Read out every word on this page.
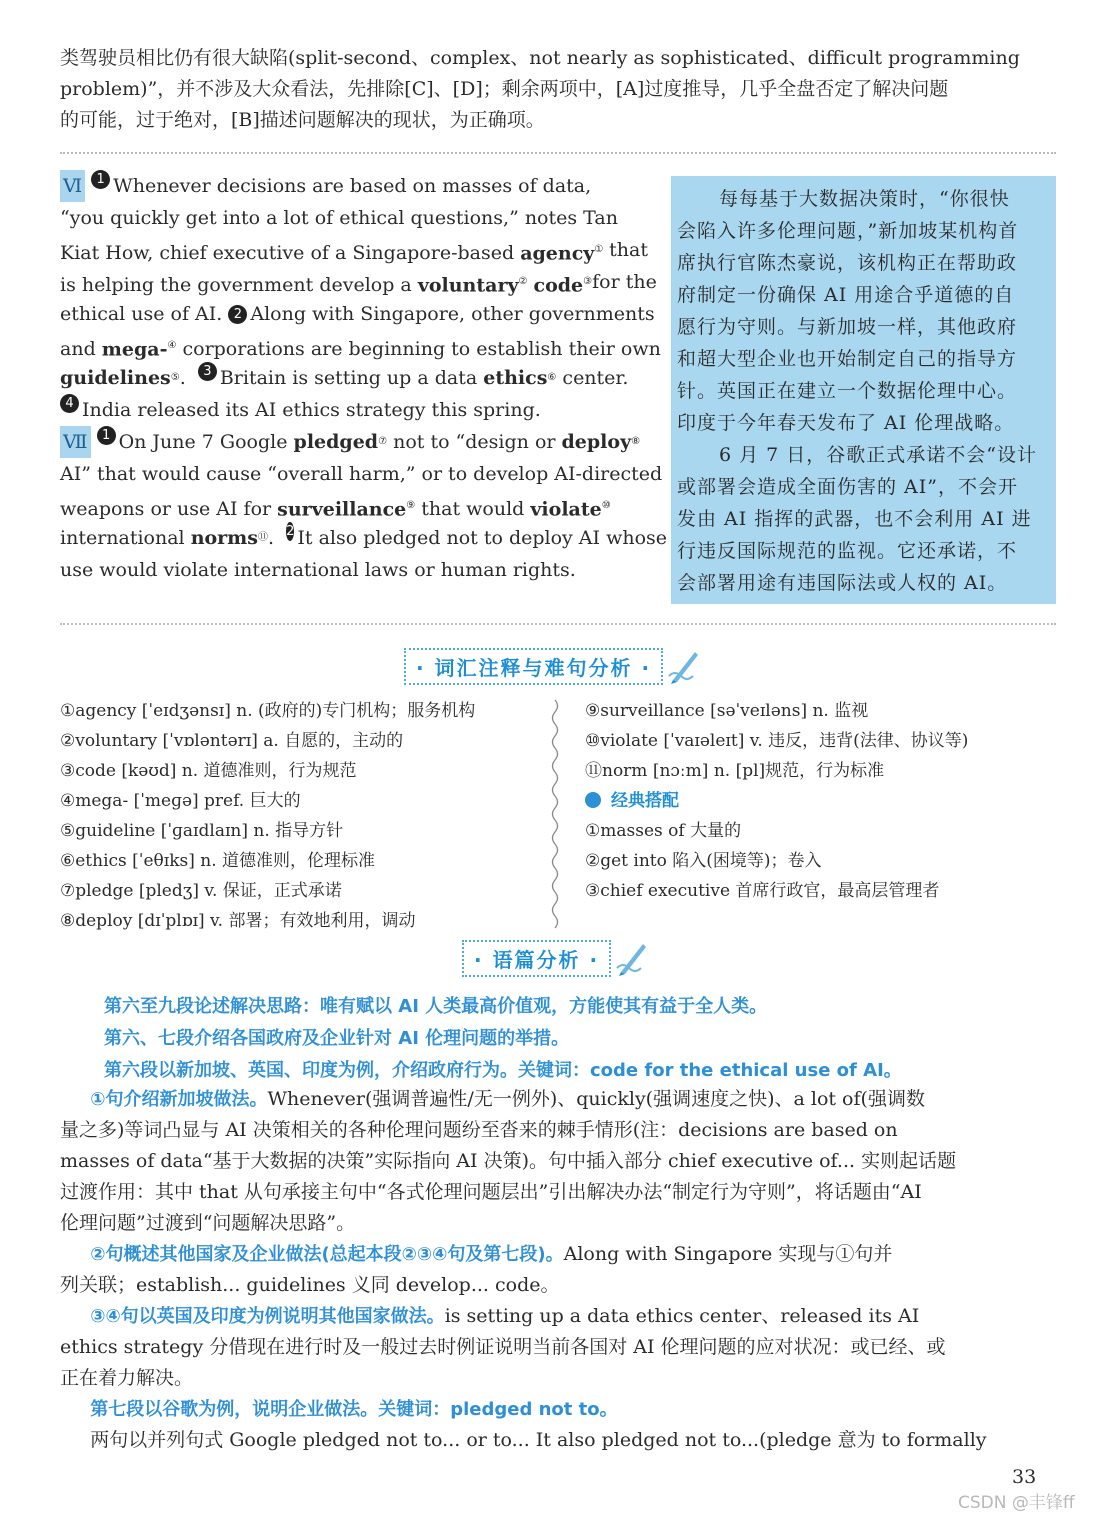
类驾驶员相比仍有很大缺陷(split-second、complex、not nearly as sophisticated、difficult programming
problem)”，并不涉及大众看法，先排除[C]、[D]；剩余两项中，[A]过度推导，几乎全盘否定了解决问题
的可能，过于绝对，[B]描述问题解决的现状，为正确项。
Ⅵ
	1 Whenever decisions are based on masses of data,
“you quickly get into a lot of ethical questions,” notes Tan
Kiat How, chief executive of a Singapore-based agency① that
is helping the government develop a voluntary② code③ for the
ethical use of AI. 2 Along with Singapore, other governments
and mega-④ corporations are beginning to establish their own
guidelines ⑤ . 3 Britain is setting up a data
ethics ⑥
center.
4 India released its AI ethics strategy this spring.
Ⅶ
	1 On June 7 Google
pledged ⑦
not to “design or
deploy ⑧
AI” that would cause “overall harm,” or to develop AI-directed
weapons or use AI for surveillance⑨ that would violate⑩
international
norms ⑪ . 2 It also pledged not to deploy AI whose
use would violate international laws or human rights.
每每基于大数据决策时，“你很快
会陷入许多伦理问题，”新加坡某机构首
席执行官陈杰豪说，该机构正在帮助政
府制定一份确保 AI 用途合乎道德的自
愿行为守则。与新加坡一样，其他政府
和超大型企业也开始制定自己的指导方
针。英国正在建立一个数据伦理中心。
印度于今年春天发布了 AI 伦理战略。
6 月 7 日，谷歌正式承诺不会“设计
或部署会造成全面伤害的 AI”，不会开
发由 AI 指挥的武器，也不会利用 AI 进
行违反国际规范的监视。它还承诺，不
会部署用途有违国际法或人权的 AI。
· 词汇注释与难句分析 ·
①agency [ˈeɪdʒənsɪ] n. (政府的)专门机构；服务机构
②voluntary [ˈvɒləntərɪ] a. 自愿的，主动的
③code [kəʊd] n. 道德准则，行为规范
④mega- [ˈmeɡə] pref. 巨大的
⑤guideline [ˈɡaɪdlaɪn] n. 指导方针
⑥ethics [ˈeθɪks] n. 道德准则，伦理标准
⑦pledge [pledʒ] v. 保证，正式承诺
⑧deploy [dɪˈplɒɪ] v. 部署；有效地利用，调动
⑨surveillance [səˈveɪləns] n. 监视
⑩violate [ˈvaɪəleɪt] v. 违反，违背(法律、协议等)
⑪norm [nɔːm] n. [pl]规范，行为标准
经典搭配
①masses of 大量的
②get into 陷入(困境等)；卷入
③chief executive 首席行政官，最高层管理者
· 语篇分析 ·
第六至九段论述解决思路：唯有赋以 AI 人类最高价值观，方能使其有益于全人类。
第六、七段介绍各国政府及企业针对 AI 伦理问题的举措。
第六段以新加坡、英国、印度为例，介绍政府行为。关键词：code for the ethical use of AI。
①句介绍新加坡做法。Whenever(强调普遍性/无一例外)、quickly(强调速度之快)、a lot of(强调数
量之多)等词凸显与 AI 决策相关的各种伦理问题纷至沓来的棘手情形(注：decisions are based on
masses of data“基于大数据的决策”实际指向 AI 决策)。句中插入部分 chief executive of... 实则起话题
过渡作用：其中 that 从句承接主句中“各式伦理问题层出”引出解决办法“制定行为守则”，将话题由“AI
伦理问题”过渡到“问题解决思路”。
②句概述其他国家及企业做法(总起本段②③④句及第七段)。Along with Singapore 实现与①句并
列关联；establish... guidelines 义同 develop... code。
③④句以英国及印度为例说明其他国家做法。is setting up a data ethics center、released its AI
ethics strategy 分借现在进行时及一般过去时例证说明当前各国对 AI 伦理问题的应对状况：或已经、或
正在着力解决。
第七段以谷歌为例，说明企业做法。关键词：pledged not to。
两句以并列句式 Google pledged not to... or to... It also pledged not to...(pledge 意为 to formally
33
CSDN @丰锋ff
